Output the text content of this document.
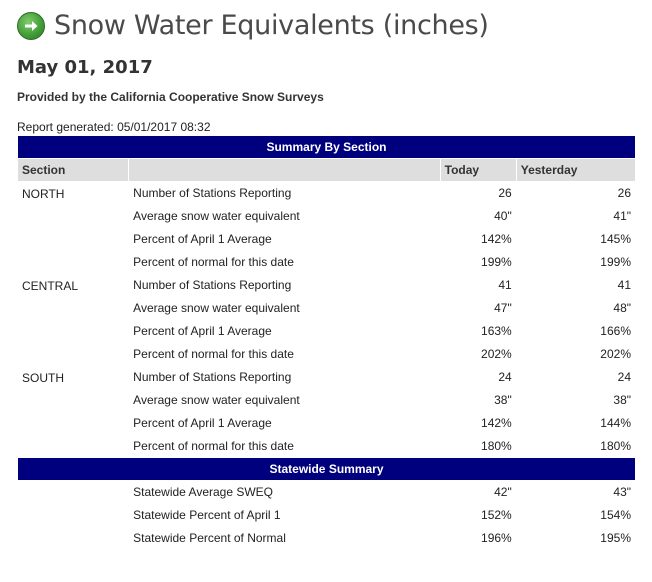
Snow Water Equivalents (inches)
May 01, 2017
Provided by the California Cooperative Snow Surveys
Report generated: 05/01/2017 08:32
Summary By Section			
Section		Today	Yesterday
NORTH	Number of Stations Reporting	26	26
	Average snow water equivalent	40"	41"
	Percent of April 1 Average	142%	145%
	Percent of normal for this date	199%	199%
CENTRAL	Number of Stations Reporting	41	41
	Average snow water equivalent	47"	48"
	Percent of April 1 Average	163%	166%
	Percent of normal for this date	202%	202%
SOUTH	Number of Stations Reporting	24	24
	Average snow water equivalent	38"	38"
	Percent of April 1 Average	142%	144%
	Percent of normal for this date	180%	180%
Statewide Summary			
	Statewide Average SWEQ	42"	43"
	Statewide Percent of April 1	152%	154%
	Statewide Percent of Normal	196%	195%
